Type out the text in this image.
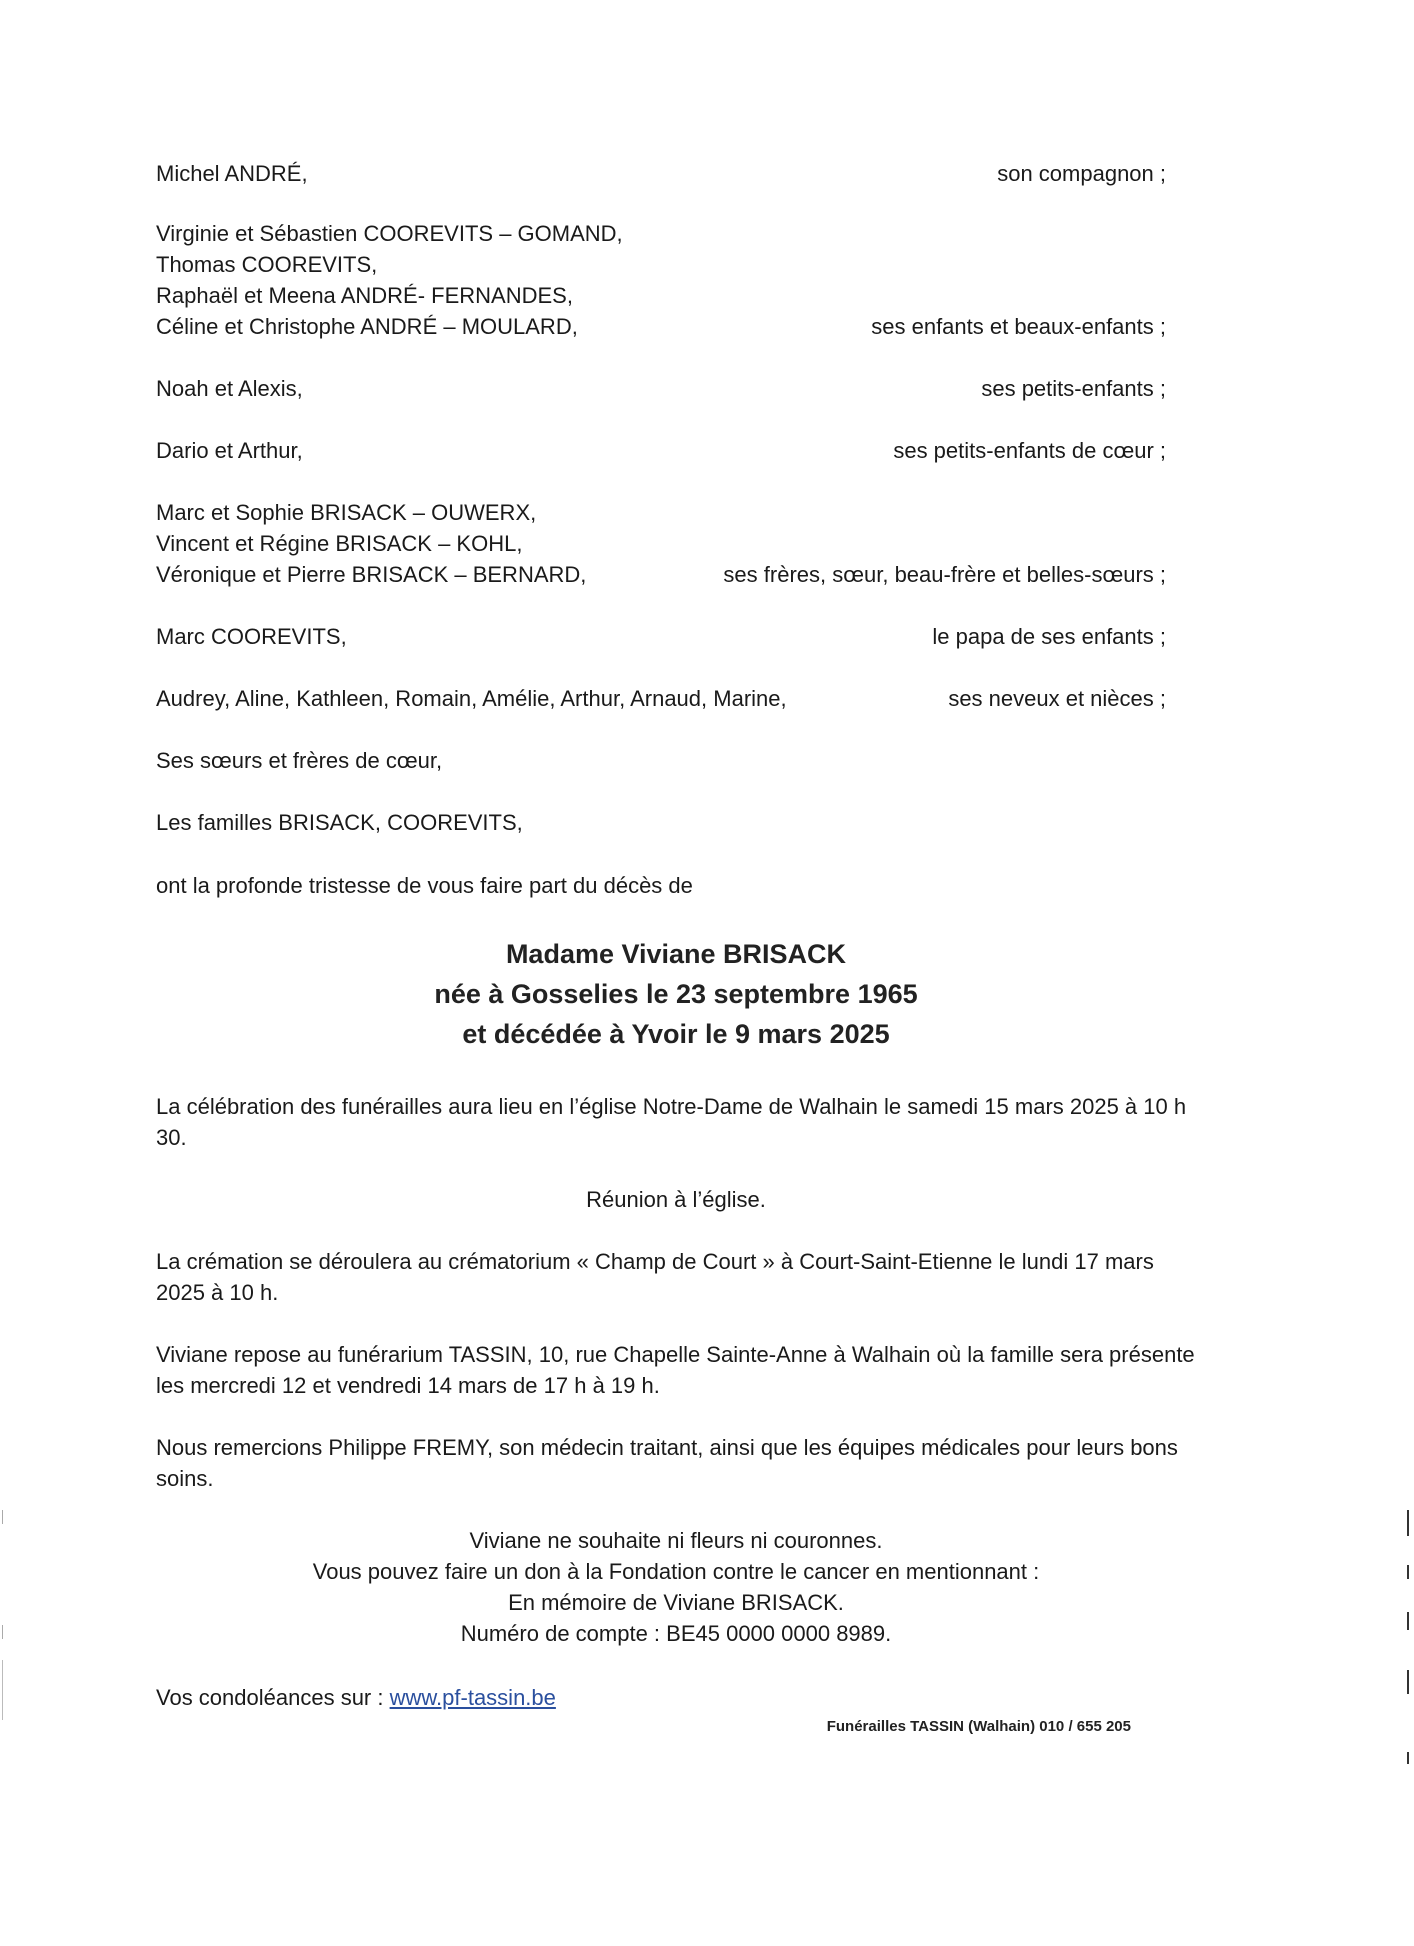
Michel ANDRÉ,	son compagnon ;
Virginie et Sébastien COOREVITS – GOMAND,
Thomas COOREVITS,
Raphaël et Meena ANDRÉ- FERNANDES,
Céline et Christophe ANDRÉ – MOULARD,	ses enfants et beaux-enfants ;
Noah et Alexis,	ses petits-enfants ;
Dario et Arthur,	ses petits-enfants de cœur ;
Marc et Sophie BRISACK – OUWERX,
Vincent et Régine BRISACK – KOHL,
Véronique et Pierre BRISACK – BERNARD,	ses frères, sœur, beau-frère et belles-sœurs ;
Marc COOREVITS,	le papa de ses enfants ;
Audrey, Aline, Kathleen, Romain, Amélie, Arthur, Arnaud, Marine,	ses neveux et nièces ;
Ses sœurs et frères de cœur,
Les familles BRISACK, COOREVITS,
ont la profonde tristesse de vous faire part du décès de
Madame Viviane BRISACK
née à Gosselies le 23 septembre 1965
et décédée à Yvoir le 9 mars 2025
La célébration des funérailles aura lieu en l’église Notre-Dame de Walhain le samedi 15 mars 2025 à 10 h 30.
Réunion à l’église.
La crémation se déroulera au crématorium « Champ de Court » à Court-Saint-Etienne le lundi 17 mars 2025 à 10 h.
Viviane repose au funérarium TASSIN, 10, rue Chapelle Sainte-Anne à Walhain où la famille sera présente les mercredi 12 et vendredi 14 mars de 17 h à 19 h.
Nous remercions Philippe FREMY, son médecin traitant, ainsi que les équipes médicales pour leurs bons soins.
Viviane ne souhaite ni fleurs ni couronnes.
Vous pouvez faire un don à la Fondation contre le cancer en mentionnant :
En mémoire de Viviane BRISACK.
Numéro de compte : BE45 0000 0000 8989.
Vos condoléances sur : www.pf-tassin.be
Funérailles TASSIN (Walhain) 010 / 655 205
